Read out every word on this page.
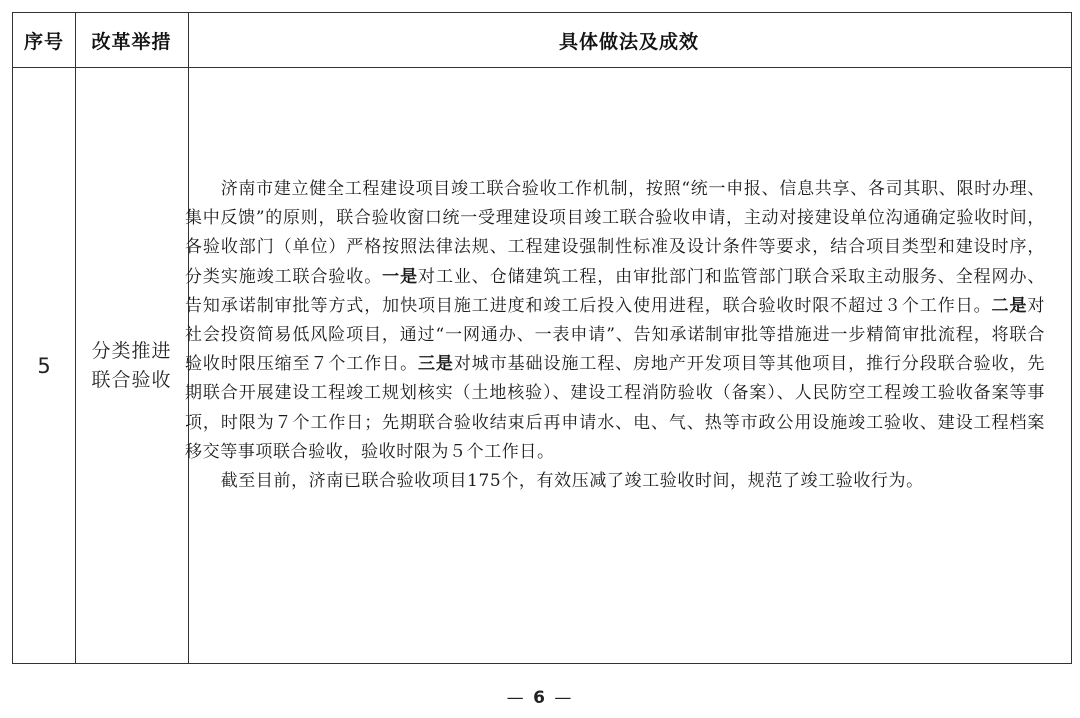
序号 改革举措	具体做法及成效
5
分类推进
联合验收

济南市建立健全工程建设项目竣工联合验收工作机制，按照“统一申报、信息共享、各司其职、限时办理、集中反馈”的原则，联合验收窗口统一受理建设项目竣工联合验收申请，主动对接建设单位沟通确定验收时间，各验收部门（单位）严格按照法律法规、工程建设强制性标准及设计条件等要求，结合项目类型和建设时序，分类实施竣工联合验收。一是对工业、仓储建筑工程，由审批部门和监管部门联合采取主动服务、全程网办、告知承诺制审批等方式，加快项目施工进度和竣工后投入使用进程，联合验收时限不超过３个工作日。二是对社会投资简易低风险项目，通过“一网通办、一表申请”、告知承诺制审批等措施进一步精简审批流程，将联合验收时限压缩至７个工作日。三是对城市基础设施工程、房地产开发项目等其他项目，推行分段联合验收，先期联合开展建设工程竣工规划核实（土地核验）、建设工程消防验收（备案）、人民防空工程竣工验收备案等事项，时限为７个工作日；先期联合验收结束后再申请水、电、气、热等市政公用设施竣工验收、建设工程档案移交等事项联合验收，验收时限为５个工作日。

截至目前，济南已联合验收项目175个，有效压减了竣工验收时间，规范了竣工验收行为。

— 6 —
